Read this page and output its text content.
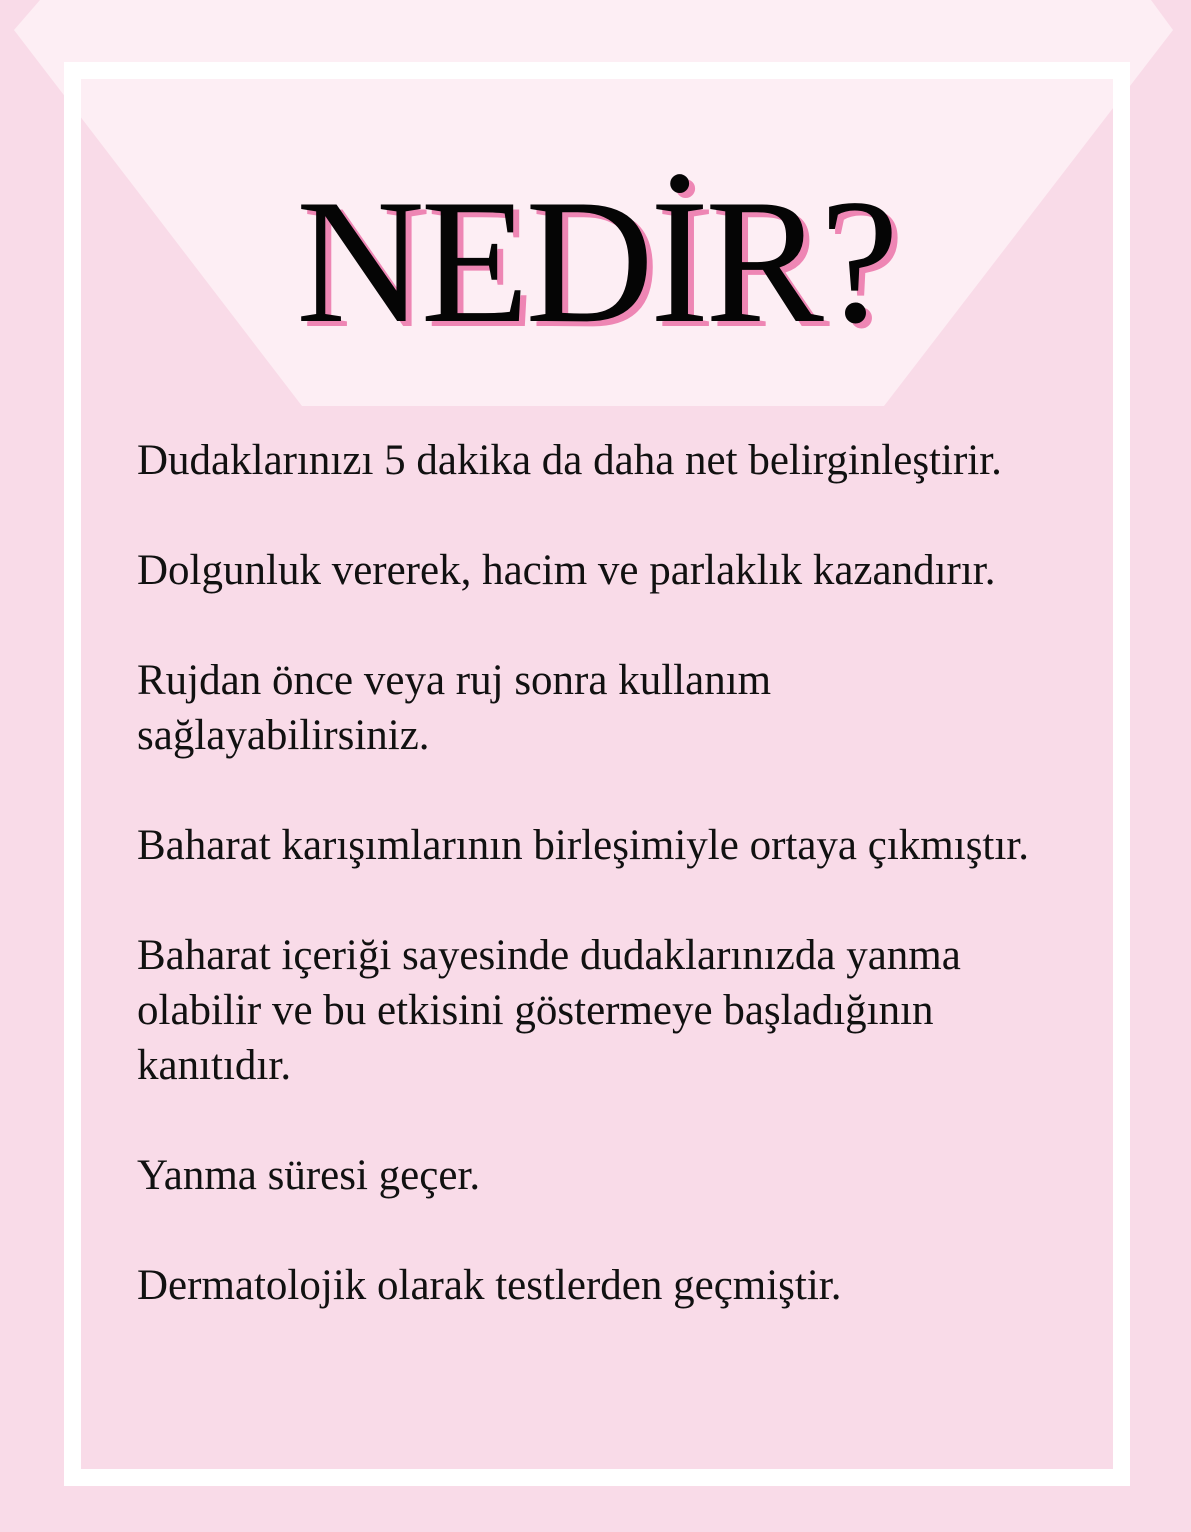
NEDİR?

Dudaklarınızı 5 dakika da daha net belirginleştirir.

Dolgunluk vererek, hacim ve parlaklık kazandırır.

Rujdan önce veya ruj sonra kullanım
sağlayabilirsiniz.

Baharat karışımlarının birleşimiyle ortaya çıkmıştır.

Baharat içeriği sayesinde dudaklarınızda yanma
olabilir ve bu etkisini göstermeye başladığının
kanıtıdır.

Yanma süresi geçer.

Dermatolojik olarak testlerden geçmiştir.
